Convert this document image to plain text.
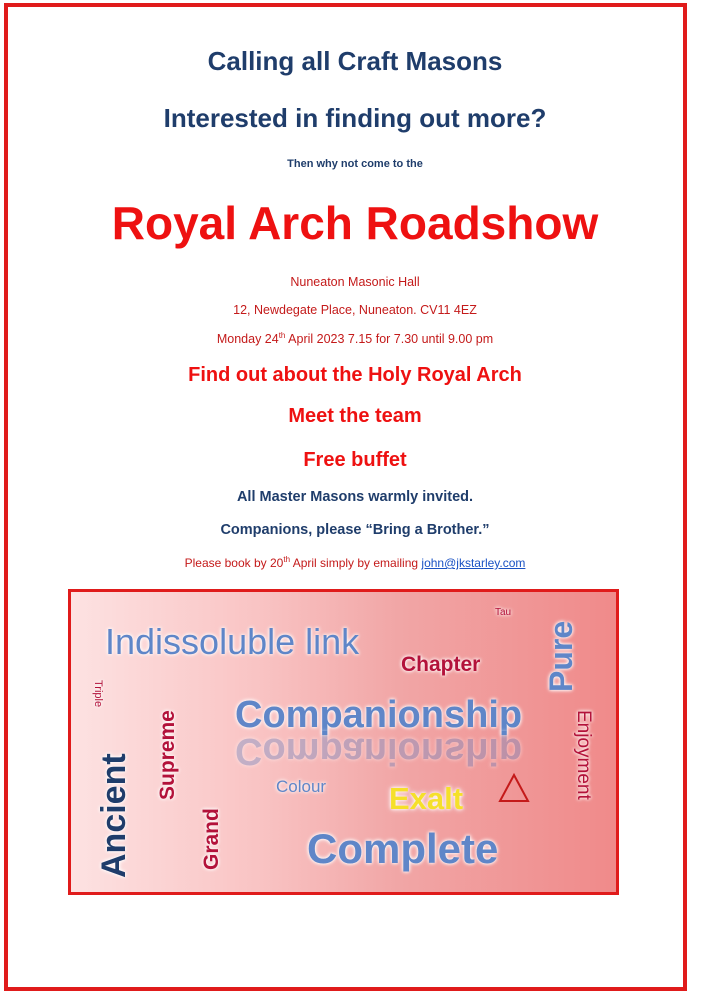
Calling all Craft Masons
Interested in finding out more?
Then why not come to the
Royal Arch Roadshow
Nuneaton Masonic Hall
12, Newdegate Place, Nuneaton. CV11 4EZ
Monday 24th April 2023 7.15 for 7.30 until 9.00 pm
Find out about the Holy Royal Arch
Meet the team
Free buffet
All Master Masons warmly invited.
Companions, please “Bring a Brother.”
Please book by 20th April simply by emailing john@jkstarley.com
Indissoluble link
Tau
Pure
Chapter
Triple
Supreme Companionship
Companionship	Enjoyment
Ancient	Colour Exalt
Grand Complete
